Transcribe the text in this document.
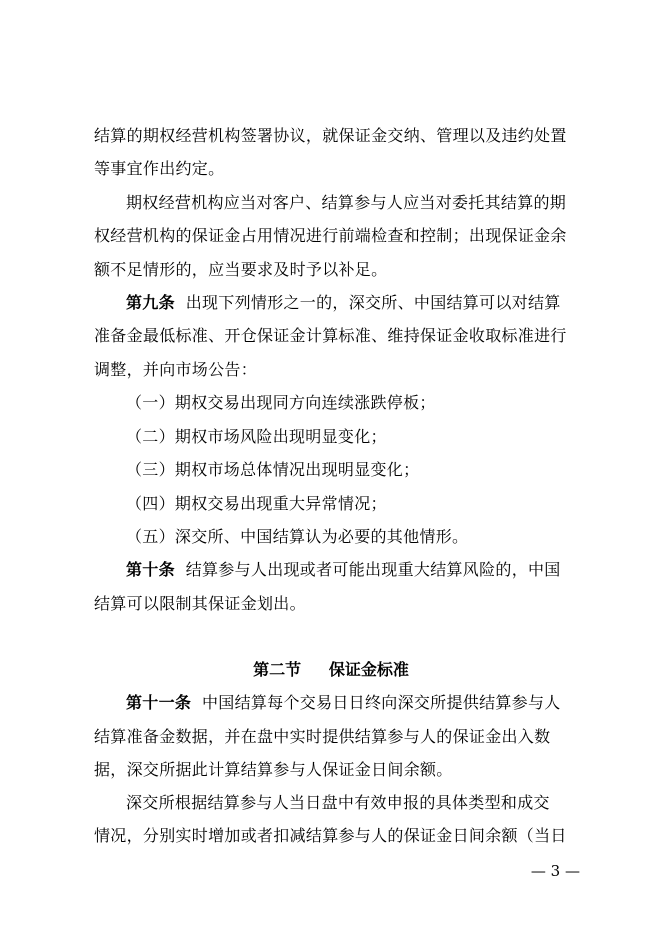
结算的期权经营机构签署协议，就保证金交纳、管理以及违约处置
等事宜作出约定。
期权经营机构应当对客户、结算参与人应当对委托其结算的期
权经营机构的保证金占用情况进行前端检查和控制；出现保证金余
额不足情形的，应当要求及时予以补足。
第九条 出现下列情形之一的，深交所、中国结算可以对结算
准备金最低标准、开仓保证金计算标准、维持保证金收取标准进行
调整，并向市场公告：
（一）期权交易出现同方向连续涨跌停板；
（二）期权市场风险出现明显变化；
（三）期权市场总体情况出现明显变化；
（四）期权交易出现重大异常情况；
（五）深交所、中国结算认为必要的其他情形。
第十条 结算参与人出现或者可能出现重大结算风险的，中国
结算可以限制其保证金划出。
第二节     保证金标准
第十一条 中国结算每个交易日日终向深交所提供结算参与人
结算准备金数据，并在盘中实时提供结算参与人的保证金出入数
据，深交所据此计算结算参与人保证金日间余额。
深交所根据结算参与人当日盘中有效申报的具体类型和成交
情况，分别实时增加或者扣减结算参与人的保证金日间余额（当日
— 3 —
